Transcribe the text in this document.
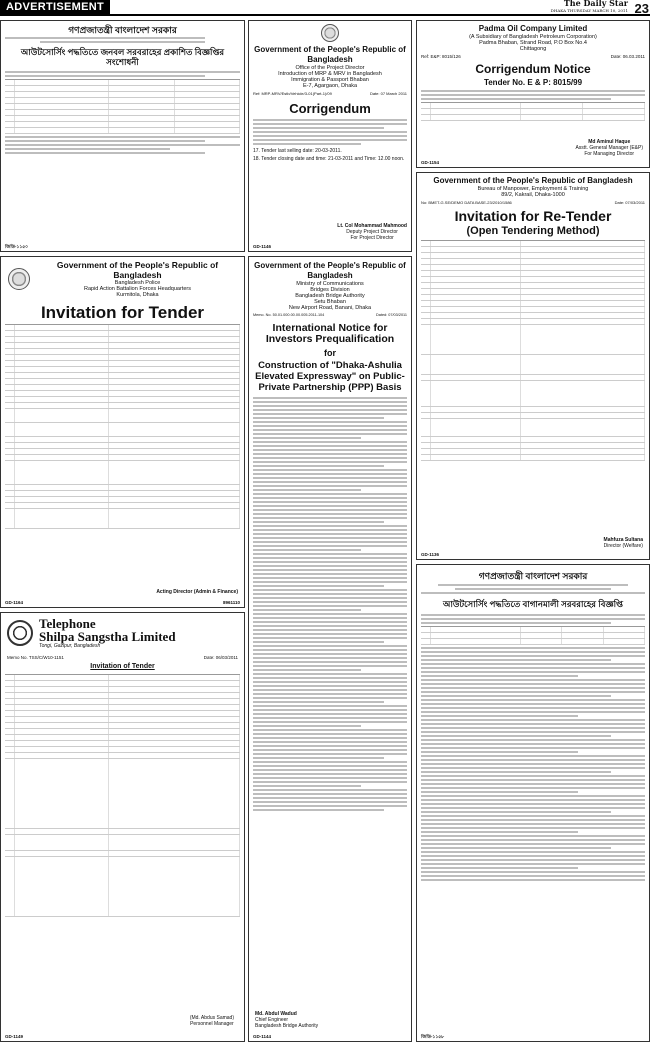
ADVERTISEMENT	The Daily Star
DHAKA THURSDAY MARCH 10, 2011 23
গণপ্রজাতন্ত্রী বাংলাদেশ সরকার
আউটসোর্সিং পদ্ধতিতে জনবল সরবরাহের প্রকাশিত বিজ্ঞপ্তির সংশোধনী
জিডি-১১৫০
Government of the People's Republic of Bangladesh
Office of the Project Director
Introduction of MRP & MRV in Bangladesh
Immigration & Passport Bhaban
E-7, Agargaon, Dhaka
Ref: MRP-MRV/Estb/Vehicle/3-01(Part-1)/09	Date: 07 March 2011
Corrigendum
17. Tender last selling date: 20-03-2011.
18. Tender closing date and time: 21-03-2011 and Time: 12.00 noon.
Lt. Col Mohammad Mahmood
Deputy Project Director
For Project Director
GD-1146
Padma Oil Company Limited
(A Subsidiary of Bangladesh Petroleum Corporation)
Padma Bhaban, Strand Road, P.O Box No.4
Chittagong
Ref: E&P: 8015/126	Date: 06.03.2011
Corrigendum Notice
Tender No. E & P: 8015/99
Md Aminul Haque
Asstt. General Manager (E&P)
For Managing Director
GD-1154
Government of the People's Republic of Bangladesh
Bureau of Manpower, Employment & Training
89/2, Kakrail, Dhaka-1000
No: BMET-G.SE/DEMO DATA BASE-23/2010/1586	Date: 07/03/2011
Invitation for Re-Tender
(Open Tendering Method)
Mahfuza Sultana
Director (Welfare)
GD-1136
Government of the People's Republic of Bangladesh
Bangladesh Police
Rapid Action Battalion Forces Headquarters
Kurmitola, Dhaka
Invitation for Tender
Acting Director (Admin & Finance)
GD-1164	8961110
Government of the People's Republic of Bangladesh
Ministry of Communications
Bridges Division
Bangladesh Bridge Authority
Setu Bhaban
New Airport Road, Banani, Dhaka
Memo. No. 50.01.000.00.00.005.2011-104	Dated: 07/03/2011
International Notice for Investors Prequalification
for
Construction of "Dhaka-Ashulia Elevated Expressway" on Public-Private Partnership (PPP) Basis
Md. Abdul Wadud
Chief Engineer
Bangladesh Bridge Authority
GD-1144
Telephone
Shilpa Sangstha Limited
Tongi, Gazipur, Bangladesh
Memo No. TSS/C/W10-1151	Date: 06/03/2011
Invitation of Tender
(Md. Abdus Samad)
Personnel Manager
GD-1149
গণপ্রজাতন্ত্রী বাংলাদেশ সরকার
আউটসোর্সিং পদ্ধতিতে বাগানমালী সরবরাহের বিজ্ঞপ্তি
জিডি-১১৫৮
